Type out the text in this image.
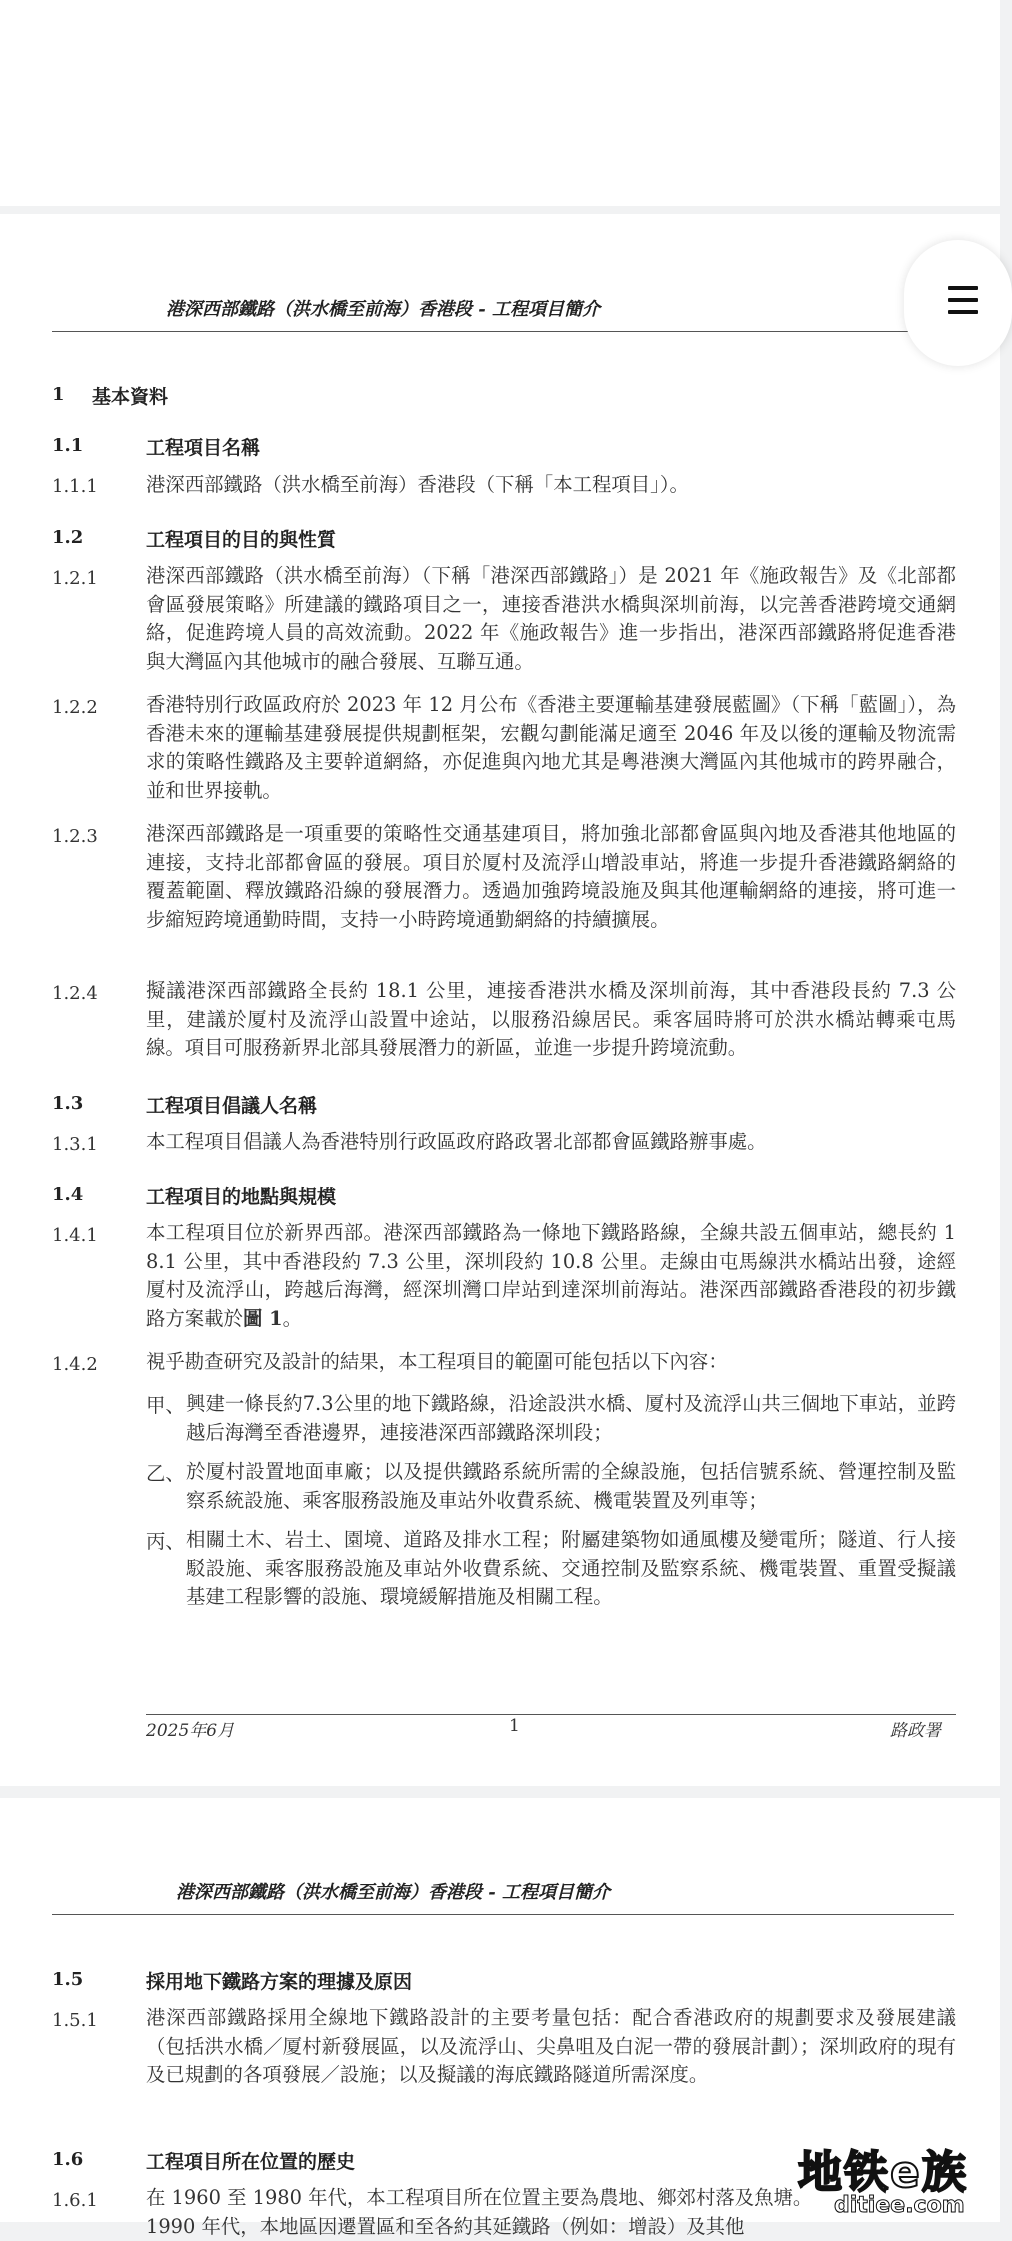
港深西部鐵路（洪水橋至前海）香港段 - 工程項目簡介
1 基本資料
1.1	工程項目名稱
1.1.1 港深西部鐵路（洪水橋至前海）香港段（下稱「本工程項目」）。
1.2	工程項目的目的與性質
1.2.1 港深西部鐵路（洪水橋至前海）（下稱「港深西部鐵路」）是 2021 年《施政報告》及《北部都會區發展策略》所建議的鐵路項目之一，連接香港洪水橋與深圳前海，以完善香港跨境交通網絡，促進跨境人員的高效流動。2022 年《施政報告》進一步指出，港深西部鐵路將促進香港與大灣區內其他城市的融合發展、互聯互通。
1.2.2 香港特別行政區政府於 2023 年 12 月公布《香港主要運輸基建發展藍圖》（下稱「藍圖」），為香港未來的運輸基建發展提供規劃框架，宏觀勾劃能滿足適至 2046 年及以後的運輸及物流需求的策略性鐵路及主要幹道網絡，亦促進與內地尤其是粵港澳大灣區內其他城市的跨界融合，並和世界接軌。
1.2.3 港深西部鐵路是一項重要的策略性交通基建項目，將加強北部都會區與內地及香港其他地區的連接，支持北部都會區的發展。項目於厦村及流浮山增設車站，將進一步提升香港鐵路網絡的覆蓋範圍、釋放鐵路沿線的發展潛力。透過加強跨境設施及與其他運輸網絡的連接，將可進一步縮短跨境通勤時間，支持一小時跨境通勤網絡的持續擴展。
1.2.4 擬議港深西部鐵路全長約 18.1 公里，連接香港洪水橋及深圳前海，其中香港段長約 7.3 公里，建議於厦村及流浮山設置中途站，以服務沿線居民。乘客屆時將可於洪水橋站轉乘屯馬線。項目可服務新界北部具發展潛力的新區，並進一步提升跨境流動。
1.3	工程項目倡議人名稱
1.3.1 本工程項目倡議人為香港特別行政區政府路政署北部都會區鐵路辦事處。
1.4	工程項目的地點與規模
1.4.1 本工程項目位於新界西部。港深西部鐵路為一條地下鐵路路線，全線共設五個車站，總長約 18.1 公里，其中香港段約 7.3 公里，深圳段約 10.8 公里。走線由屯馬線洪水橋站出發，途經厦村及流浮山，跨越后海灣，經深圳灣口岸站到達深圳前海站。港深西部鐵路香港段的初步鐵路方案載於圖 1。
1.4.2 視乎勘查研究及設計的結果，本工程項目的範圍可能包括以下內容：
甲、 興建一條長約7.3公里的地下鐵路線，沿途設洪水橋、厦村及流浮山共三個地下車站，並跨越后海灣至香港邊界，連接港深西部鐵路深圳段；
乙、 於厦村設置地面車廠；以及提供鐵路系統所需的全線設施，包括信號系統、營運控制及監察系統設施、乘客服務設施及車站外收費系統、機電裝置及列車等；
丙、 相關土木、岩土、園境、道路及排水工程；附屬建築物如通風樓及變電所；隧道、行人接駁設施、乘客服務設施及車站外收費系統、交通控制及監察系統、機電裝置、重置受擬議基建工程影響的設施、環境緩解措施及相關工程。
2025年6月	1	路政署
港深西部鐵路（洪水橋至前海）香港段 - 工程項目簡介
1.5	採用地下鐵路方案的理據及原因
1.5.1 港深西部鐵路採用全線地下鐵路設計的主要考量包括：配合香港政府的規劃要求及發展建議（包括洪水橋／厦村新發展區，以及流浮山、尖鼻咀及白泥一帶的發展計劃）；深圳政府的現有及已規劃的各項發展／設施；以及擬議的海底鐵路隧道所需深度。
1.6	工程項目所在位置的歷史
1.6.1 在 1960 至 1980 年代，本工程項目所在位置主要為農地、鄉郊村落及魚塘。
1990 年代，本地區因遷置區和至各約其延鐵路（例如：增設）及其他
地铁e族
ditiee.com
